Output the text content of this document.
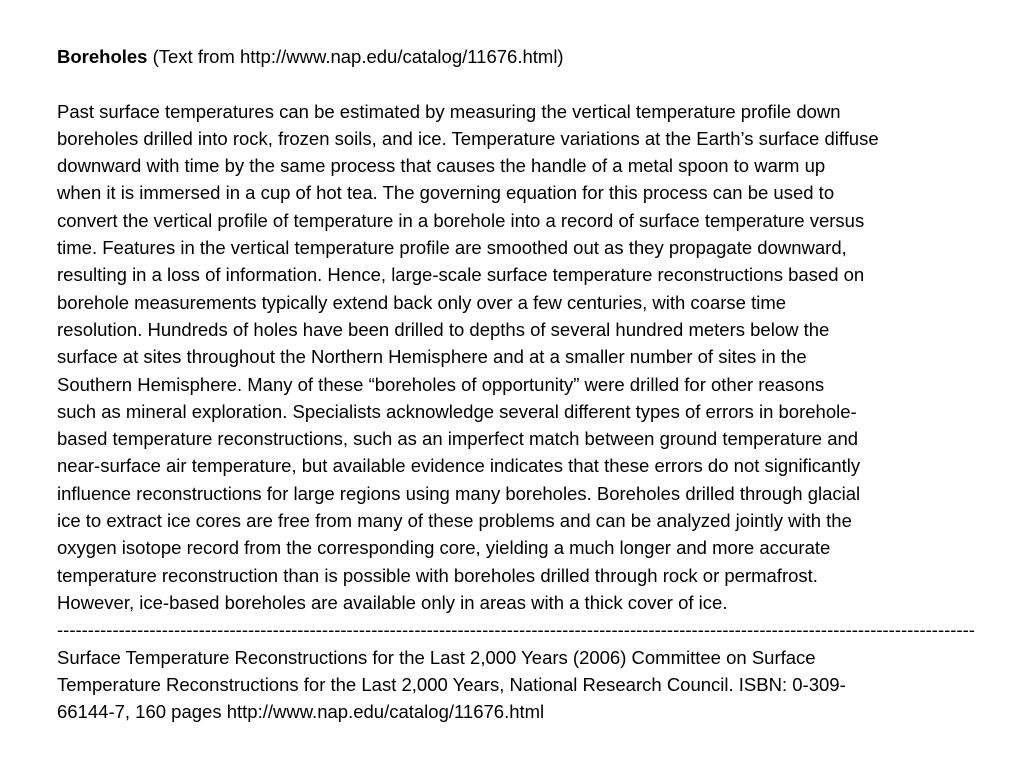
Boreholes (Text from http://www.nap.edu/catalog/11676.html)
Past surface temperatures can be estimated by measuring the vertical temperature profile down
boreholes drilled into rock, frozen soils, and ice. Temperature variations at the Earth’s surface diffuse
downward with time by the same process that causes the handle of a metal spoon to warm up
when it is immersed in a cup of hot tea. The governing equation for this process can be used to
convert the vertical profile of temperature in a borehole into a record of surface temperature versus
time. Features in the vertical temperature profile are smoothed out as they propagate downward,
resulting in a loss of information. Hence, large-scale surface temperature reconstructions based on
borehole measurements typically extend back only over a few centuries, with coarse time
resolution. Hundreds of holes have been drilled to depths of several hundred meters below the
surface at sites throughout the Northern Hemisphere and at a smaller number of sites in the
Southern Hemisphere. Many of these “boreholes of opportunity” were drilled for other reasons
such as mineral exploration. Specialists acknowledge several different types of errors in borehole-
based temperature reconstructions, such as an imperfect match between ground temperature and
near-surface air temperature, but available evidence indicates that these errors do not significantly
influence reconstructions for large regions using many boreholes. Boreholes drilled through glacial
ice to extract ice cores are free from many of these problems and can be analyzed jointly with the
oxygen isotope record from the corresponding core, yielding a much longer and more accurate
temperature reconstruction than is possible with boreholes drilled through rock or permafrost.
However, ice-based boreholes are available only in areas with a thick cover of ice.
-----------------------------------------------------------------------------------------------------------------------------------------------------
Surface Temperature Reconstructions for the Last 2,000 Years (2006) Committee on Surface
Temperature Reconstructions for the Last 2,000 Years, National Research Council. ISBN: 0-309-
66144-7, 160 pages http://www.nap.edu/catalog/11676.html
